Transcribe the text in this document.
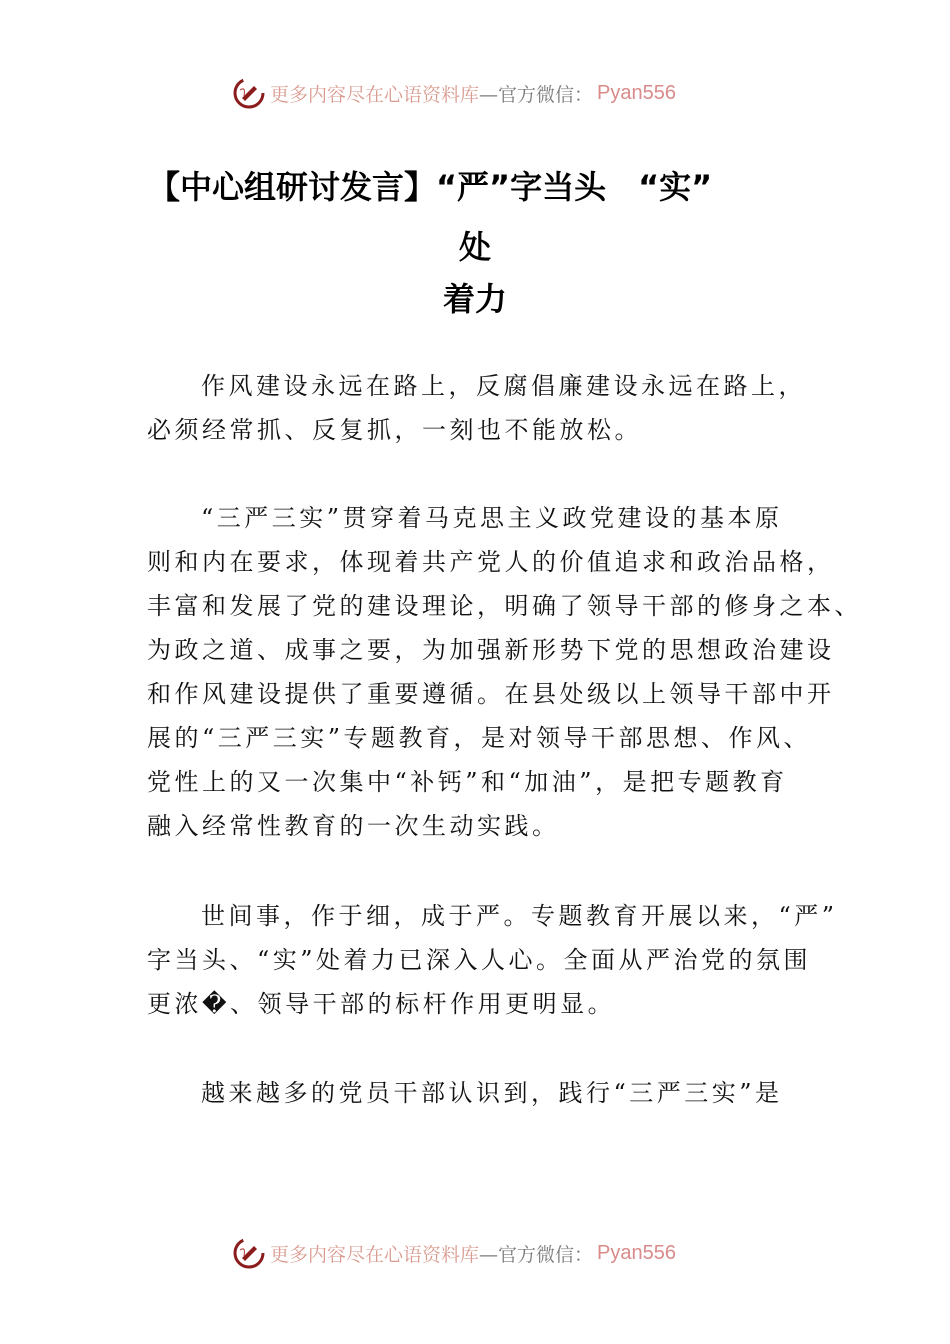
更多内容尽在心语资料库 —官方微信： Pyan556
【中心组研讨发言】“严”字当头　“实”
处
着力
作风建设永远在路上，反腐倡廉建设永远在路上，
必须经常抓、反复抓，一刻也不能放松。
“三严三实”贯穿着马克思主义政党建设的基本原
则和内在要求，体现着共产党人的价值追求和政治品格，
丰富和发展了党的建设理论，明确了领导干部的修身之本、
为政之道、成事之要，为加强新形势下党的思想政治建设
和作风建设提供了重要遵循。在县处级以上领导干部中开
展的“三严三实”专题教育，是对领导干部思想、作风、
党性上的又一次集中“补钙”和“加油”，是把专题教育
融入经常性教育的一次生动实践。
世间事，作于细，成于严。专题教育开展以来，“严”
字当头、“实”处着力已深入人心。全面从严治党的氛围
更浓�、领导干部的标杆作用更明显。
越来越多的党员干部认识到，践行“三严三实”是
更多内容尽在心语资料库 —官方微信： Pyan556
